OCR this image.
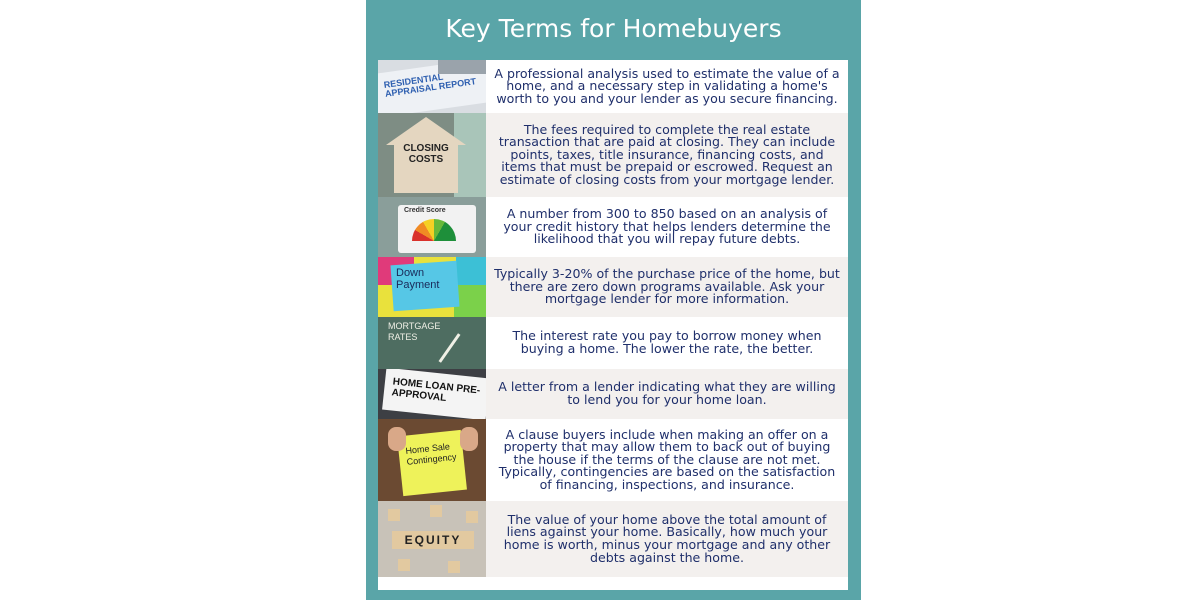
Key Terms for Homebuyers
RESIDENTIAL APPRAISAL REPORT
A professional analysis used to estimate the value of a home, and a necessary step in validating a home's worth to you and your lender as you secure financing.
CLOSING COSTS
The fees required to complete the real estate transaction that are paid at closing. They can include points, taxes, title insurance, financing costs, and items that must be prepaid or escrowed. Request an estimate of closing costs from your mortgage lender.
Credit Score	A number from 300 to 850 based on an analysis of your credit history that helps lenders determine the likelihood that you will repay future debts.
Down Payment
Typically 3-20% of the purchase price of the home, but there are zero down programs available. Ask your mortgage lender for more information.
MORTGAGE RATES	The interest rate you pay to borrow money when buying a home. The lower the rate, the better.
HOME LOAN PRE-APPROVAL
A letter from a lender indicating what they are willing to lend you for your home loan.
Home Sale Contingency
A clause buyers include when making an offer on a property that may allow them to back out of buying the house if the terms of the clause are not met. Typically, contingencies are based on the satisfaction of financing, inspections, and insurance.
EQUITY
The value of your home above the total amount of liens against your home. Basically, how much your home is worth, minus your mortgage and any other debts against the home.
